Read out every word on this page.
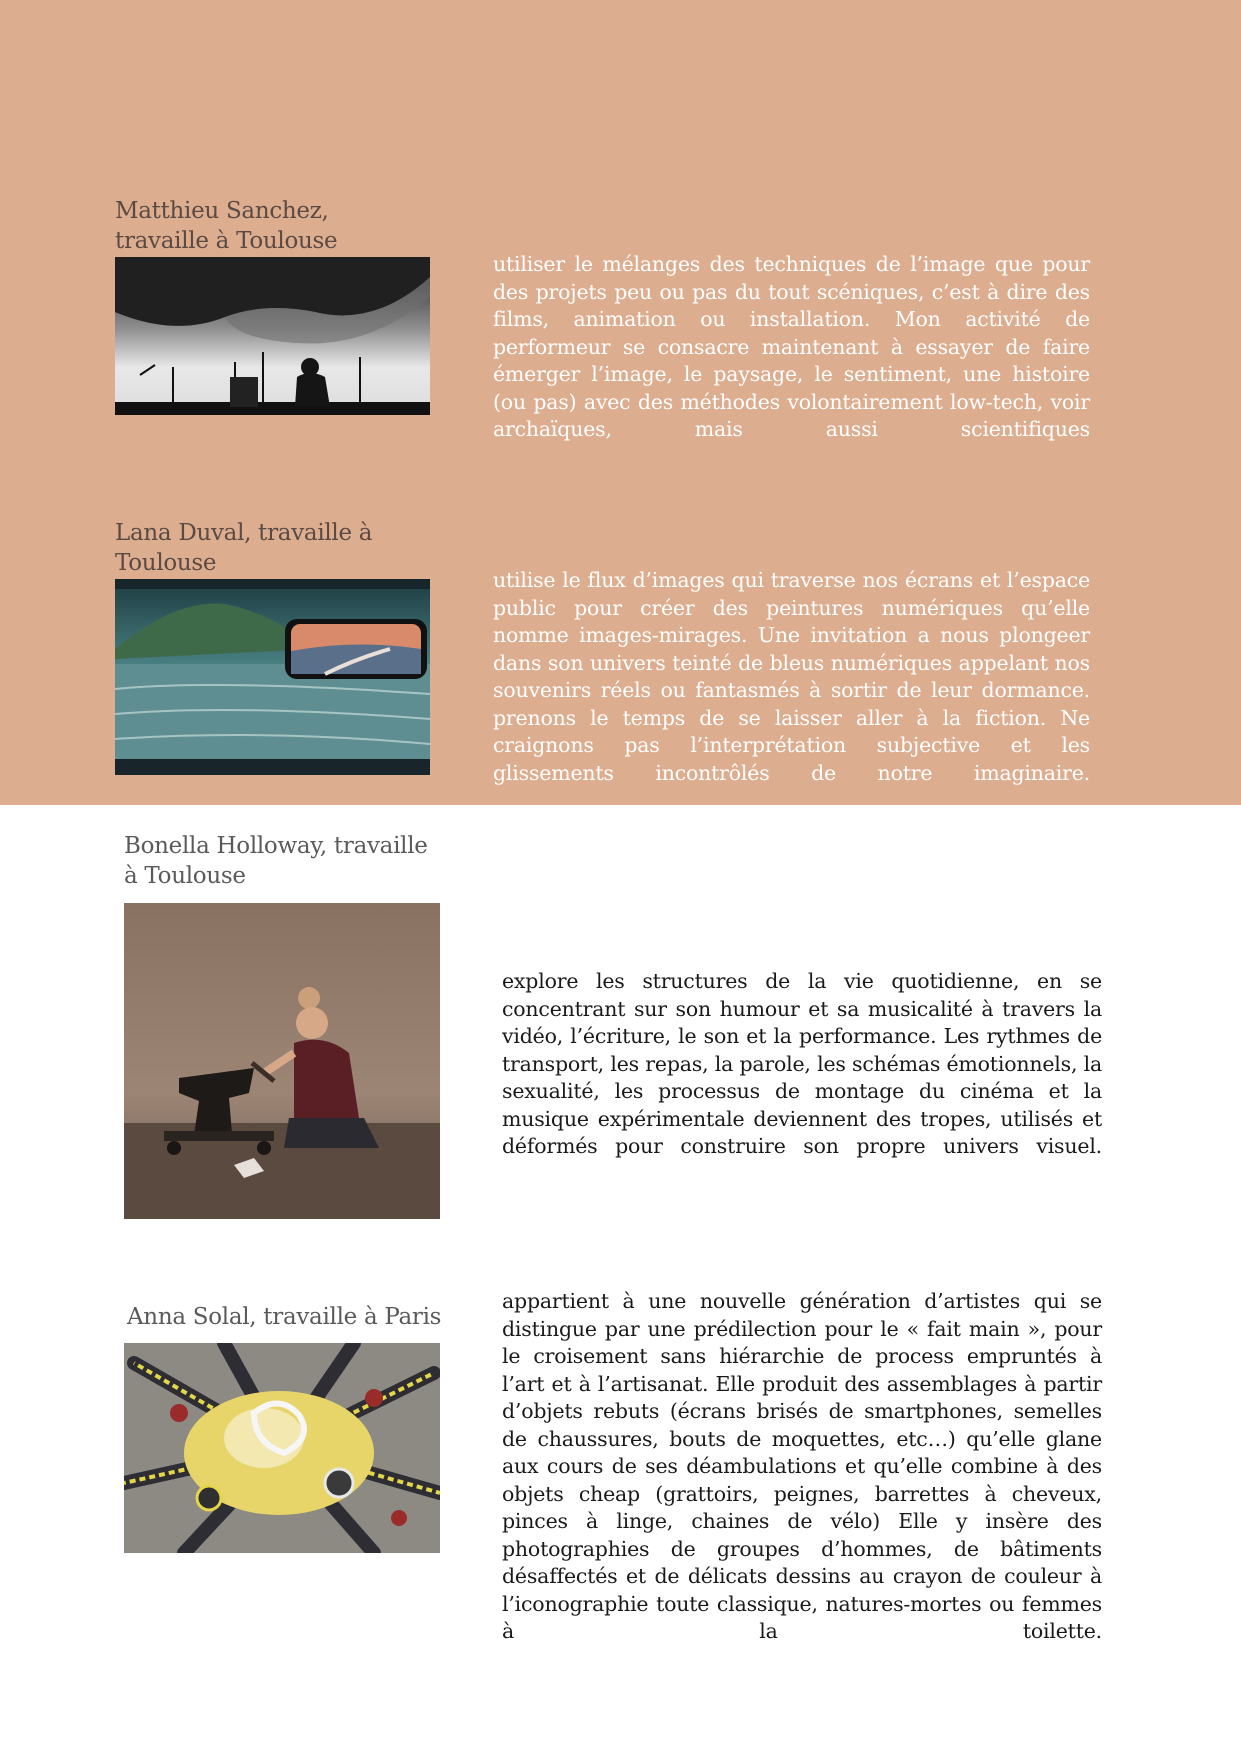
Matthieu Sanchez, travaille à Toulouse
utiliser le mélanges des techniques de l’image que pour des projets peu ou pas du tout scéniques, c’est à dire des films, animation ou installation. Mon activité de performeur se consacre maintenant à essayer de faire émerger l’image, le paysage, le sentiment, une histoire (ou pas) avec des méthodes volontairement low-tech, voir archaïques, mais aussi scientifiques
Lana Duval, travaille à Toulouse
utilise le flux d’images qui traverse nos écrans et l’espace public pour créer des peintures numériques qu’elle nomme images-mirages. Une invitation a nous plongeer dans son univers teinté de bleus numériques appelant nos souvenirs réels ou fantasmés à sortir de leur dormance. prenons le temps de se laisser aller à la fiction. Ne craignons pas l’interprétation subjective et les glissements incontrôlés de notre imaginaire.
Bonella Holloway, travaille à Toulouse
explore les structures de la vie quotidienne, en se concentrant sur son humour et sa musicalité à travers la vidéo, l’écriture, le son et la performance. Les rythmes de transport, les repas, la parole, les schémas émotionnels, la sexualité, les processus de montage du cinéma et la musique expérimentale deviennent des tropes, utilisés et déformés pour construire son propre univers visuel.
Anna Solal, travaille à Paris
appartient à une nouvelle génération d’artistes qui se distingue par une prédilection pour le « fait main », pour le croisement sans hiérarchie de process empruntés à l’art et à l’artisanat. Elle produit des assemblages à partir d’objets rebuts (écrans brisés de smartphones, semelles de chaussures, bouts de moquettes, etc…) qu’elle glane aux cours de ses déambulations et qu’elle combine à des objets cheap (grattoirs, peignes, barrettes à cheveux, pinces à linge, chaines de vélo) Elle y insère des photographies de groupes d’hommes, de bâtiments désaffectés et de délicats dessins au crayon de couleur à l’iconographie toute classique, natures-mortes ou femmes à la toilette.
